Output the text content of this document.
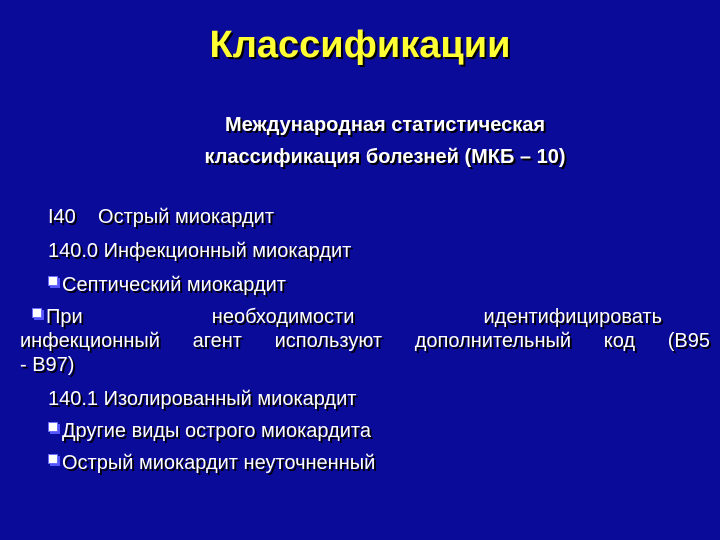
Классификации
Международная статистическая
классификация болезней (МКБ – 10)
I40    Острый миокардит
140.0 Инфекционный миокардит
Септический миокардит
При	необходимости	идентифицировать
инфекционный агент используют дополнительный код (В95
- В97)
140.1 Изолированный миокардит
Другие виды острого миокардита
Острый миокардит неуточненный
